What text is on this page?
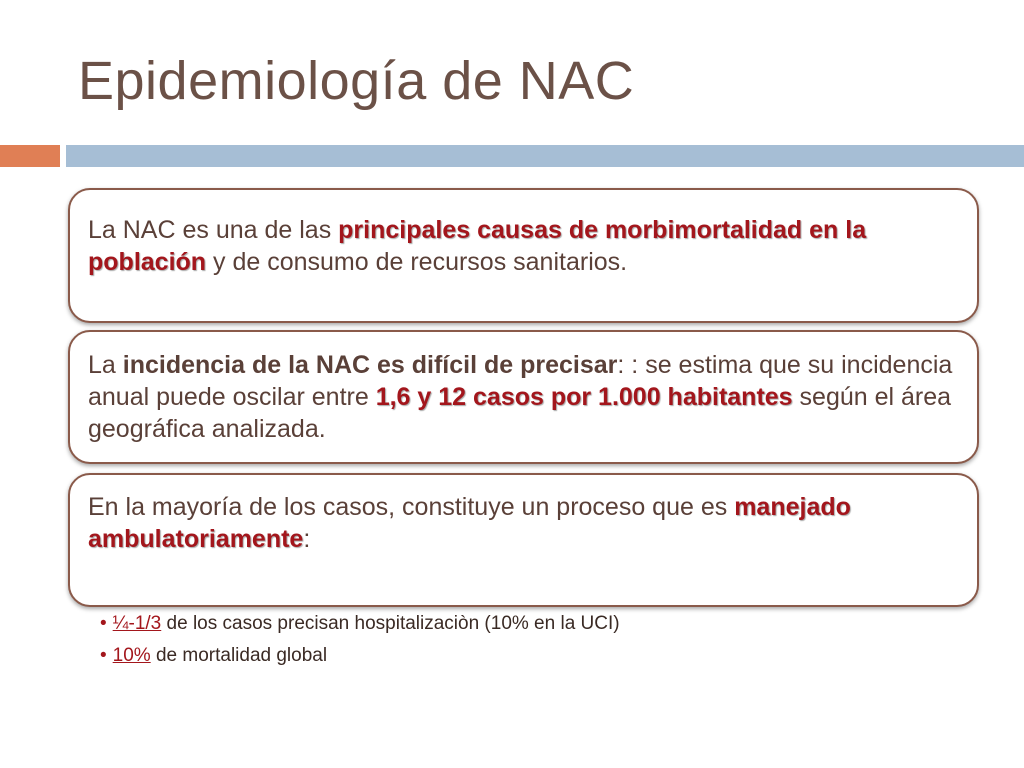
Epidemiología de NAC

La NAC es una de las principales causas de morbimortalidad en la población y de consumo de recursos sanitarios.

La incidencia de la NAC es difícil de precisar: : se estima que su incidencia anual puede oscilar entre 1,6 y 12 casos por 1.000 habitantes según el área geográfica analizada.

En la mayoría de los casos, constituye un proceso que es manejado ambulatoriamente:

• ¼-1/3 de los casos precisan hospitalizaciòn (10% en la UCI)
• 10% de mortalidad global
